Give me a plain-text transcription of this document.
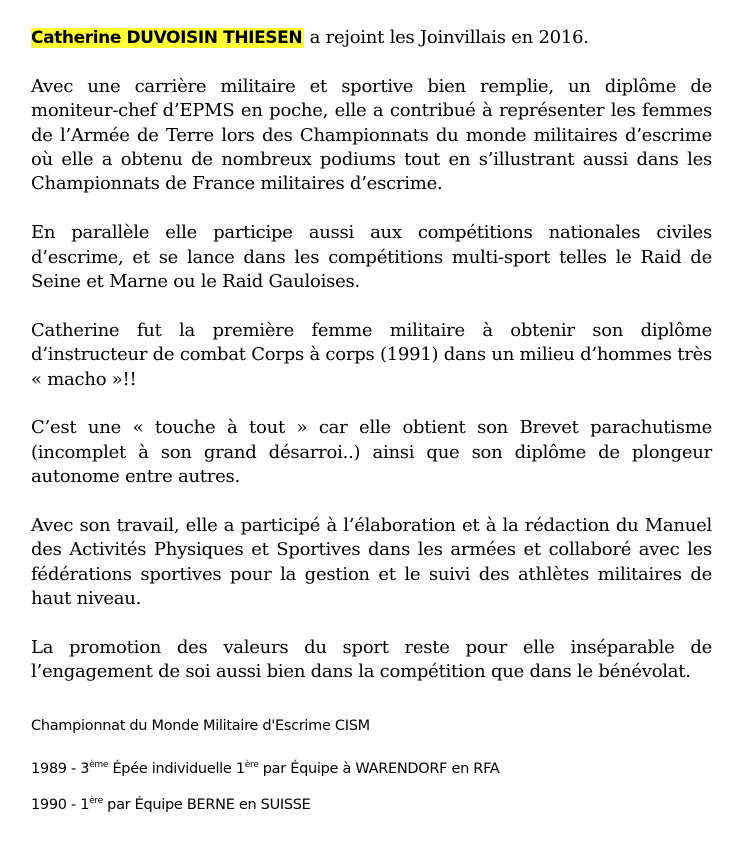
Catherine DUVOISIN THIESEN a rejoint les Joinvillais en 2016.

Avec une carrière militaire et sportive bien remplie, un diplôme de moniteur-chef d’EPMS en poche, elle a contribué à représenter les femmes de l’Armée de Terre lors des Championnats du monde militaires d’escrime où elle a obtenu de nombreux podiums tout en s’illustrant aussi dans les Championnats de France militaires d’escrime.

En parallèle elle participe aussi aux compétitions nationales civiles d’escrime, et se lance dans les compétitions multi-sport telles le Raid de Seine et Marne ou le Raid Gauloises.

Catherine fut la première femme militaire à obtenir son diplôme d’instructeur de combat Corps à corps (1991) dans un milieu d’hommes très « macho »!!

C’est une « touche à tout » car elle obtient son Brevet parachutisme (incomplet à son grand désarroi..) ainsi que son diplôme de plongeur autonome entre autres.

Avec son travail, elle a participé à l’élaboration et à la rédaction du Manuel des Activités Physiques et Sportives dans les armées et collaboré avec les fédérations sportives pour la gestion et le suivi des athlètes militaires de haut niveau.

La promotion des valeurs du sport reste pour elle inséparable de l’engagement de soi aussi bien dans la compétition que dans le bénévolat.

Championnat du Monde Militaire d'Escrime CISM

1989 - 3ème Épée individuelle 1ère par Équipe à WARENDORF en RFA

1990 - 1ère par Équipe BERNE en SUISSE
